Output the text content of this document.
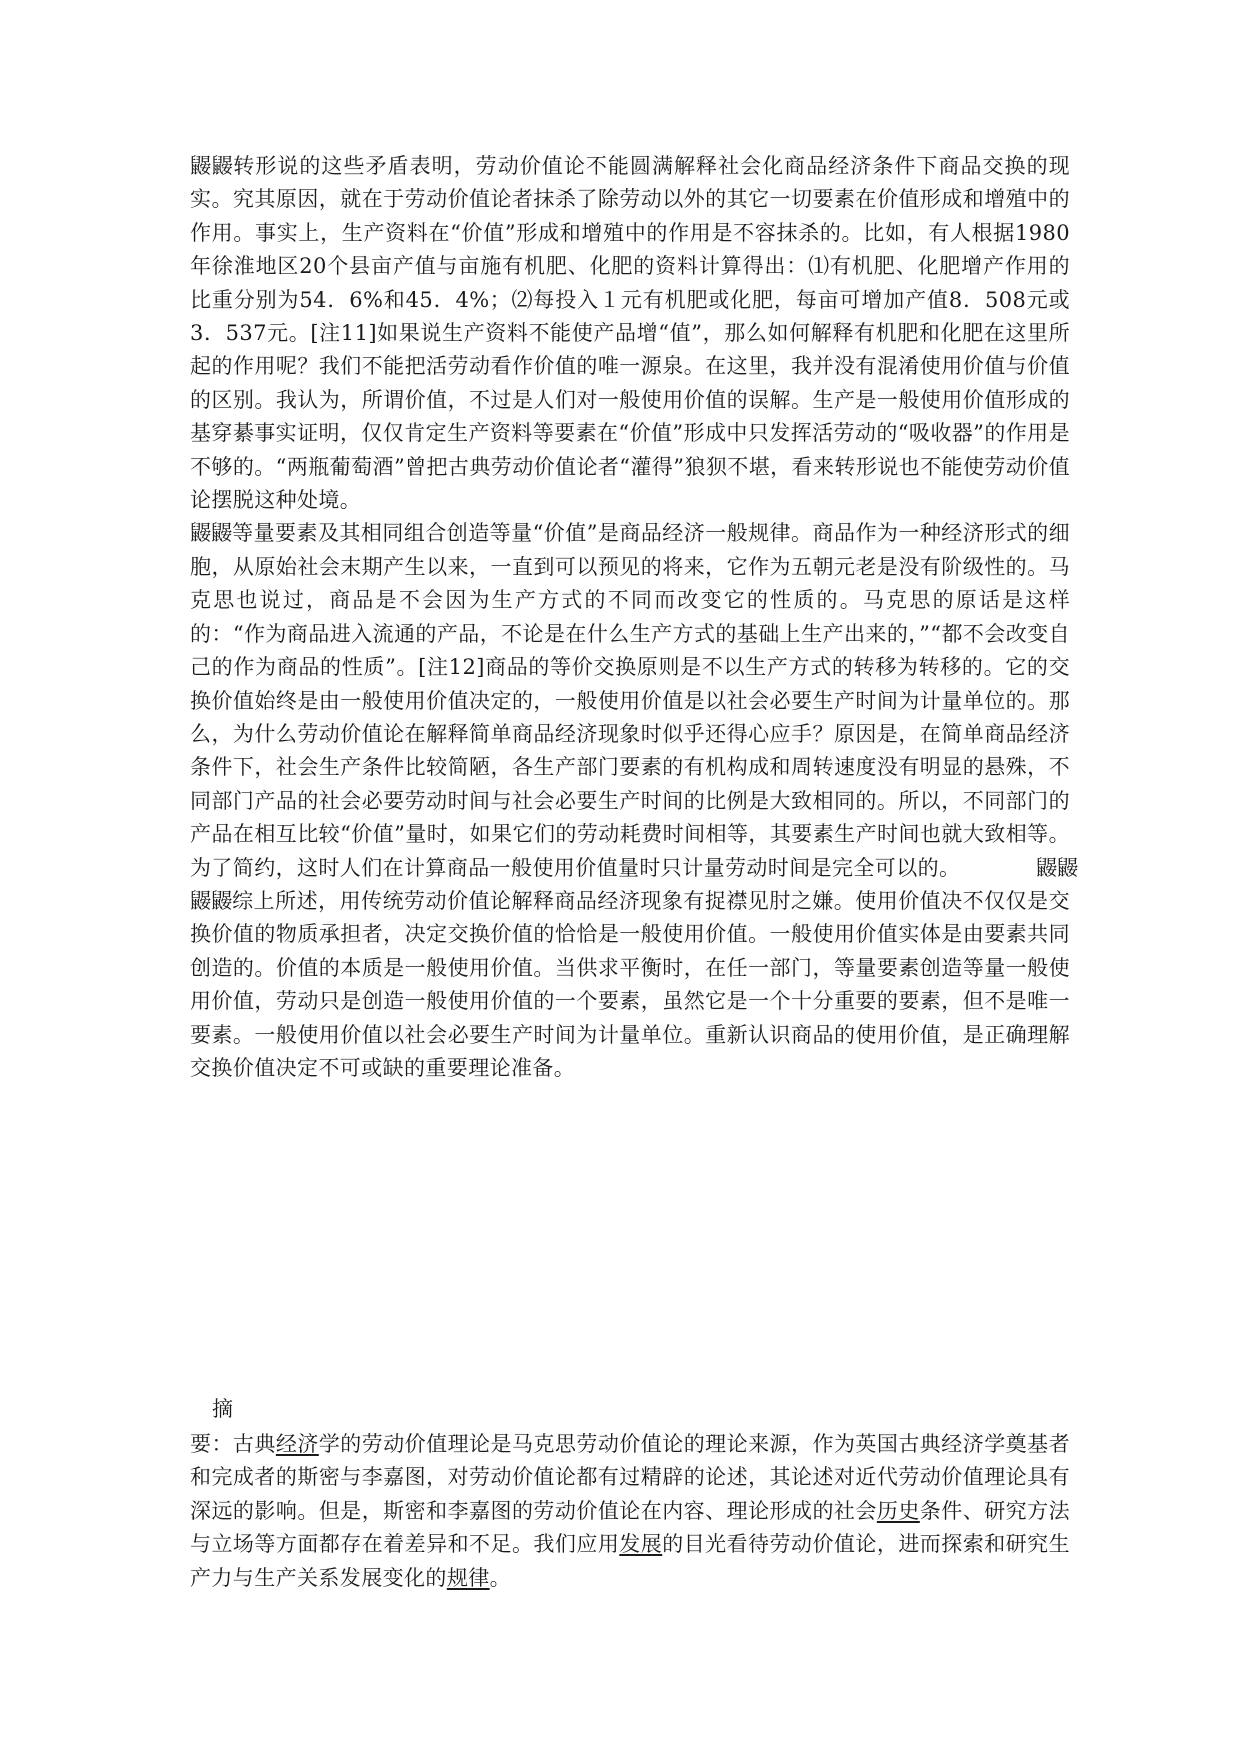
鼹鼹转形说的这些矛盾表明，劳动价值论不能圆满解释社会化商品经济条件下商品交换的现实。究其原因，就在于劳动价值论者抹杀了除劳动以外的其它一切要素在价值形成和增殖中的作用。事实上，生产资料在“价值”形成和增殖中的作用是不容抹杀的。比如，有人根据1980年徐淮地区20个县亩产值与亩施有机肥、化肥的资料计算得出：⑴有机肥、化肥增产作用的比重分别为54．6%和45．4%；⑵每投入１元有机肥或化肥，每亩可增加产值8．508元或3．537元。[注11]如果说生产资料不能使产品增“值”，那么如何解释有机肥和化肥在这里所起的作用呢？我们不能把活劳动看作价值的唯一源泉。在这里，我并没有混淆使用价值与价值的区别。我认为，所谓价值，不过是人们对一般使用价值的误解。生产是一般使用价值形成的基穿綦事实证明，仅仅肯定生产资料等要素在“价值”形成中只发挥活劳动的“吸收器”的作用是不够的。“两瓶葡萄酒”曾把古典劳动价值论者“灌得”狼狈不堪，看来转形说也不能使劳动价值论摆脱这种处境。

鼹鼹等量要素及其相同组合创造等量“价值”是商品经济一般规律。商品作为一种经济形式的细胞，从原始社会末期产生以来，一直到可以预见的将来，它作为五朝元老是没有阶级性的。马克思也说过，商品是不会因为生产方式的不同而改变它的性质的。马克思的原话是这样的：“作为商品进入流通的产品，不论是在什么生产方式的基础上生产出来的，”“都不会改变自己的作为商品的性质”。[注12]商品的等价交换原则是不以生产方式的转移为转移的。它的交换价值始终是由一般使用价值决定的，一般使用价值是以社会必要生产时间为计量单位的。那么，为什么劳动价值论在解释简单商品经济现象时似乎还得心应手？原因是，在简单商品经济条件下，社会生产条件比较简陋，各生产部门要素的有机构成和周转速度没有明显的悬殊，不同部门产品的社会必要劳动时间与社会必要生产时间的比例是大致相同的。所以，不同部门的产品在相互比较“价值”量时，如果它们的劳动耗费时间相等，其要素生产时间也就大致相等。为了简约，这时人们在计算商品一般使用价值量时只计量劳动时间是完全可以的。	鼹鼹

鼹鼹综上所述，用传统劳动价值论解释商品经济现象有捉襟见肘之嫌。使用价值决不仅仅是交换价值的物质承担者，决定交换价值的恰恰是一般使用价值。一般使用价值实体是由要素共同创造的。价值的本质是一般使用价值。当供求平衡时，在任一部门，等量要素创造等量一般使用价值，劳动只是创造一般使用价值的一个要素，虽然它是一个十分重要的要素，但不是唯一要素。一般使用价值以社会必要生产时间为计量单位。重新认识商品的使用价值，是正确理解交换价值决定不可或缺的重要理论准备。

摘
要：古典经济学的劳动价值理论是马克思劳动价值论的理论来源，作为英国古典经济学奠基者和完成者的斯密与李嘉图，对劳动价值论都有过精辟的论述，其论述对近代劳动价值理论具有深远的影响。但是，斯密和李嘉图的劳动价值论在内容、理论形成的社会历史条件、研究方法与立场等方面都存在着差异和不足。我们应用发展的目光看待劳动价值论，进而探索和研究生产力与生产关系发展变化的规律。
